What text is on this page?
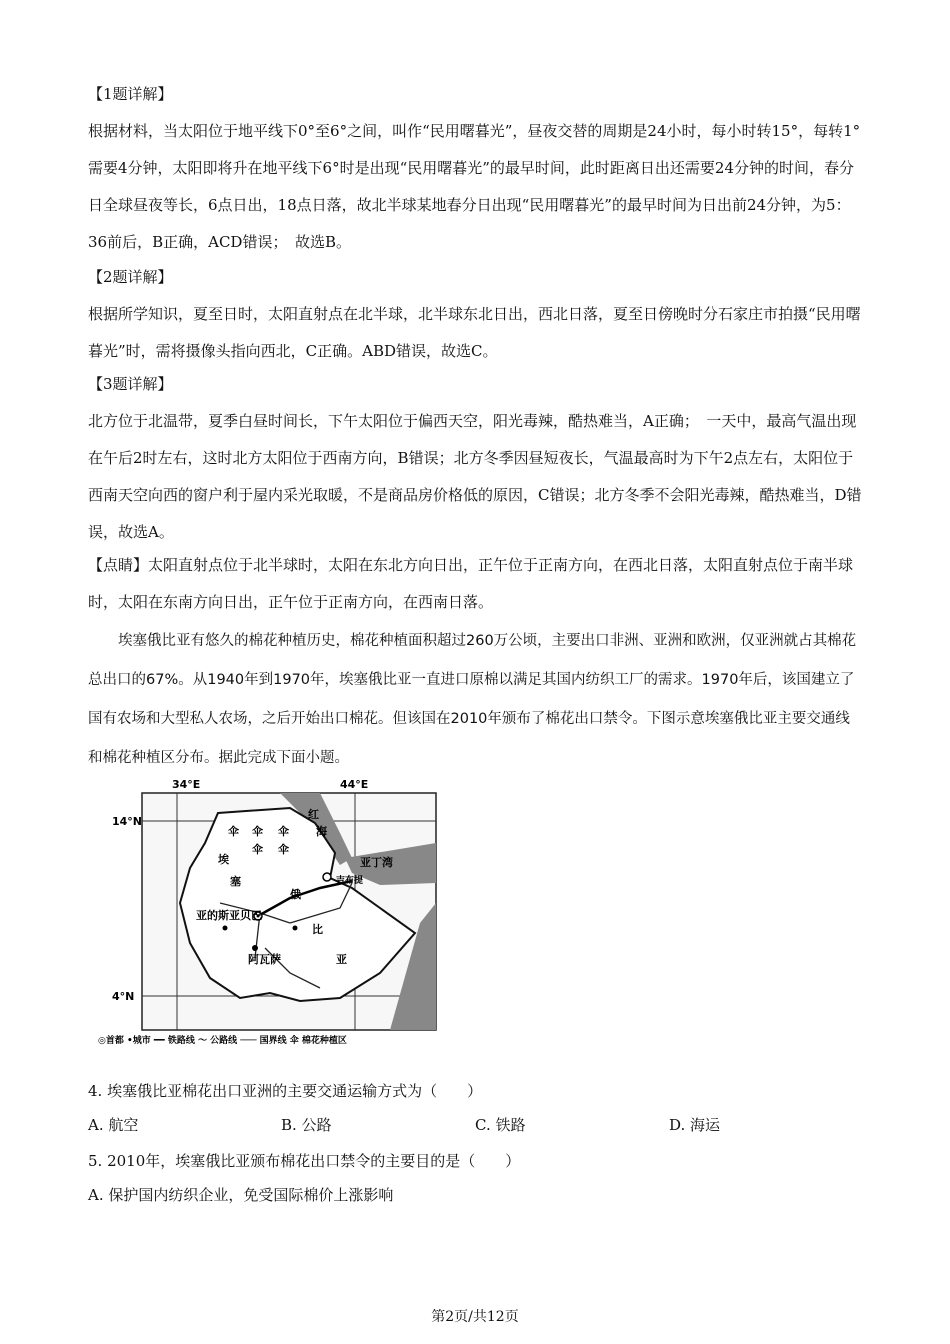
【1题详解】
根据材料，当太阳位于地平线下0°至6°之间，叫作“民用曙暮光”，昼夜交替的周期是24小时，每小时转15°，每转1°需要4分钟，太阳即将升在地平线下6°时是出现“民用曙暮光”的最早时间，此时距离日出还需要24分钟的时间，春分日全球昼夜等长，6点日出，18点日落，故北半球某地春分日出现“民用曙暮光”的最早时间为日出前24分钟，为5：36前后，B正确，ACD错误；　故选B。
【2题详解】
根据所学知识，夏至日时，太阳直射点在北半球，北半球东北日出，西北日落，夏至日傍晚时分石家庄市拍摄“民用曙暮光”时，需将摄像头指向西北，C正确。ABD错误，故选C。
【3题详解】
北方位于北温带，夏季白昼时间长，下午太阳位于偏西天空，阳光毒辣，酷热难当，A正确；　一天中，最高气温出现在午后2时左右，这时北方太阳位于西南方向，B错误；北方冬季因昼短夜长，气温最高时为下午2点左右，太阳位于西南天空向西的窗户利于屋内采光取暖，不是商品房价格低的原因，C错误；北方冬季不会阳光毒辣，酷热难当，D错误，故选A。
【点睛】太阳直射点位于北半球时，太阳在东北方向日出，正午位于正南方向，在西北日落，太阳直射点位于南半球时，太阳在东南方向日出，正午位于正南方向，在西南日落。
埃塞俄比亚有悠久的棉花种植历史，棉花种植面积超过260万公顷，主要出口非洲、亚洲和欧洲，仅亚洲就占其棉花总出口的67%。从1940年到1970年，埃塞俄比亚一直进口原棉以满足其国内纺织工厂的需求。1970年后，该国建立了国有农场和大型私人农场，之后开始出口棉花。但该国在2010年颁布了棉花出口禁令。下图示意埃塞俄比亚主要交通线和棉花种植区分布。据此完成下面小题。
34°E	44°E
14°N
4°N
红
海
亚丁湾
吉布提
亚的斯亚贝巴
阿瓦萨
埃
塞
俄
比
亚
伞 伞 伞
伞 伞
◎首都 •城市 ━━ 铁路线 ～ 公路线 ─── 国界线 伞 棉花种植区
4. 埃塞俄比亚棉花出口亚洲的主要交通运输方式为（　　）
A. 航空	B. 公路	C. 铁路	D. 海运
5. 2010年，埃塞俄比亚颁布棉花出口禁令的主要目的是（　　）
A. 保护国内纺织企业，免受国际棉价上涨影响
第2页/共12页
